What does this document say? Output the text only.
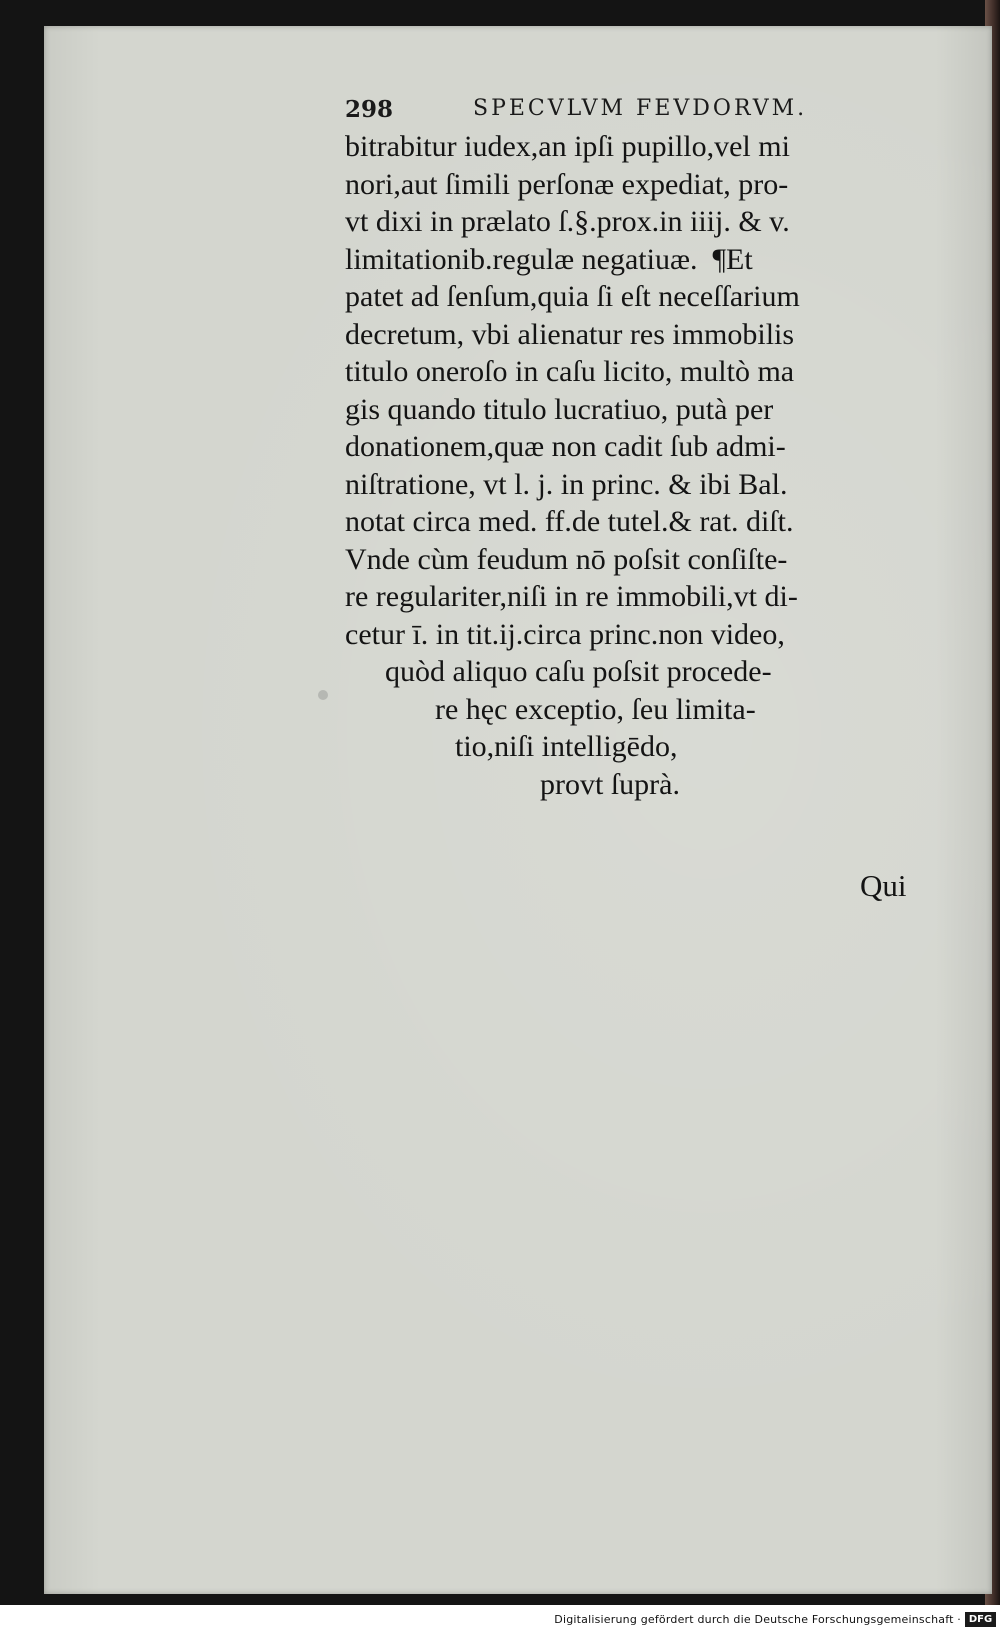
298	SPECVLVM FEVDORVM.
bitrabitur iudex,an ipſi pupillo,vel mi
nori,aut ſimili perſonæ expediat, pro-
vt dixi in prælato ſ.§.prox.in iiij. & v.
limitationib.regulæ negatiuæ.  ¶Et
patet ad ſenſum,quia ſi eſt neceſſarium
decretum, vbi alienatur res immobilis
titulo oneroſo in caſu licito, multò ma
gis quando titulo lucratiuo, putà per
donationem,quæ non cadit ſub admi-
niſtratione, vt l. j. in princ. & ibi Bal.
notat circa med. ff.de tutel.& rat. diſt.
Vnde cùm feudum nō poſsit conſiſte-
re regulariter,niſi in re immobili,vt di-
cetur ī. in tit.ij.circa princ.non video,
quòd aliquo caſu poſsit procede-
re hęc exceptio, ſeu limita-
tio,niſi intelligēdo,
provt ſuprà.
Qui
Digitalisierung gefördert durch die Deutsche Forschungsgemeinschaft · DFG
